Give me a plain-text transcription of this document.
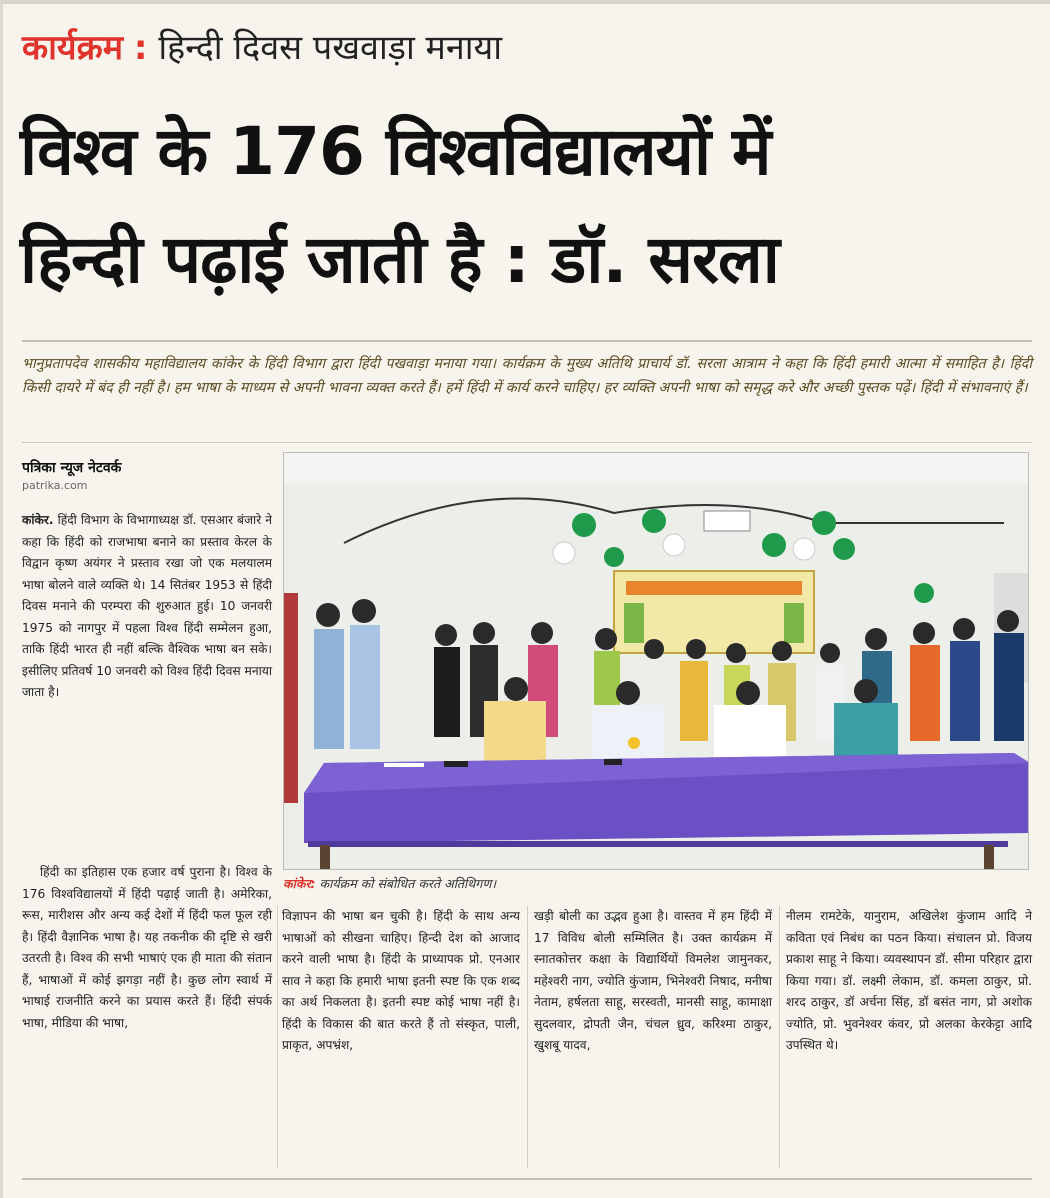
कार्यक्रम : हिन्दी दिवस पखवाड़ा मनाया
विश्व के 176 विश्वविद्यालयों में
हिन्दी पढ़ाई जाती है : डॉ. सरला

भानुप्रतापदेव शासकीय महाविद्यालय कांकेर के हिंदी विभाग द्वारा हिंदी पखवाड़ा मनाया गया। कार्यक्रम के मुख्य अतिथि प्राचार्य डॉ. सरला आत्राम ने कहा कि हिंदी हमारी आत्मा में समाहित है। हिंदी किसी दायरे में बंद ही नहीं है। हम भाषा के माध्यम से अपनी भावना व्यक्त करते हैं। हमें हिंदी में कार्य करने चाहिए। हर व्यक्ति अपनी भाषा को समृद्ध करे और अच्छी पुस्तक पढ़ें। हिंदी में संभावनाएं हैं।

पत्रिका न्यूज नेटवर्क
patrika.com

कांकेर. हिंदी विभाग के विभागाध्यक्ष डॉ. एसआर बंजारे ने कहा कि हिंदी को राजभाषा बनाने का प्रस्ताव केरल के विद्वान कृष्ण अयंगर ने प्रस्ताव रखा जो एक मलयालम भाषा बोलने वाले व्यक्ति थे। 14 सितंबर 1953 से हिंदी दिवस मनाने की परम्परा की शुरुआत हुई। 10 जनवरी 1975 को नागपुर में पहला विश्व हिंदी सम्मेलन हुआ, ताकि हिंदी भारत ही नहीं बल्कि वैश्विक भाषा बन सके। इसीलिए प्रतिवर्ष 10 जनवरी को विश्व हिंदी दिवस मनाया जाता है।

हिंदी का इतिहास एक हजार वर्ष पुराना है। विश्व के 176 विश्वविद्यालयों में हिंदी पढ़ाई जाती है। अमेरिका, रूस, मारीशस और अन्य कई देशों में हिंदी फल फूल रही है। हिंदी वैज्ञानिक भाषा है। यह तकनीक की दृष्टि से खरी उतरती है। विश्व की सभी भाषाएं एक ही माता की संतान हैं, भाषाओं में कोई झगड़ा नहीं है। कुछ लोग स्वार्थ में भाषाई राजनीति करने का प्रयास करते हैं। हिंदी संपर्क भाषा, मीडिया की भाषा,

कांकेर: कार्यक्रम को संबोधित करते अतिथिगण।

विज्ञापन की भाषा बन चुकी है। हिंदी के साथ अन्य भाषाओं को सीखना चाहिए। हिन्दी देश को आजाद करने वाली भाषा है। हिंदी के प्राध्यापक प्रो. एनआर साव ने कहा कि हमारी भाषा इतनी स्पष्ट कि एक शब्द का अर्थ निकलता है। इतनी स्पष्ट कोई भाषा नहीं है। हिंदी के विकास की बात करते हैं तो संस्कृत, पाली, प्राकृत, अपभ्रंश,

खड़ी बोली का उद्भव हुआ है। वास्तव में हम हिंदी में 17 विविध बोली सम्मिलित है। उक्त कार्यक्रम में स्नातकोत्तर कक्षा के विद्यार्थियों विमलेश जामुनकर, महेश्वरी नाग, ज्योति कुंजाम, भिनेश्वरी निषाद, मनीषा नेताम, हर्षलता साहू, सरस्वती, मानसी साहू, कामाक्षा सुदलवार, द्रोपती जैन, चंचल ध्रुव, करिश्मा ठाकुर, खुशबू यादव,

नीलम रामटेके, यानुराम, अखिलेश कुंजाम आदि ने कविता एवं निबंध का पठन किया। संचालन प्रो. विजय प्रकाश साहू ने किया। व्यवस्थापन डॉ. सीमा परिहार द्वारा किया गया। डॉ. लक्ष्मी लेकाम, डॉ. कमला ठाकुर, प्रो. शरद ठाकुर, डॉ अर्चना सिंह, डॉ बसंत नाग, प्रो अशोक ज्योति, प्रो. भुवनेश्वर कंवर, प्रो अलका केरकेट्टा आदि उपस्थित थे।
